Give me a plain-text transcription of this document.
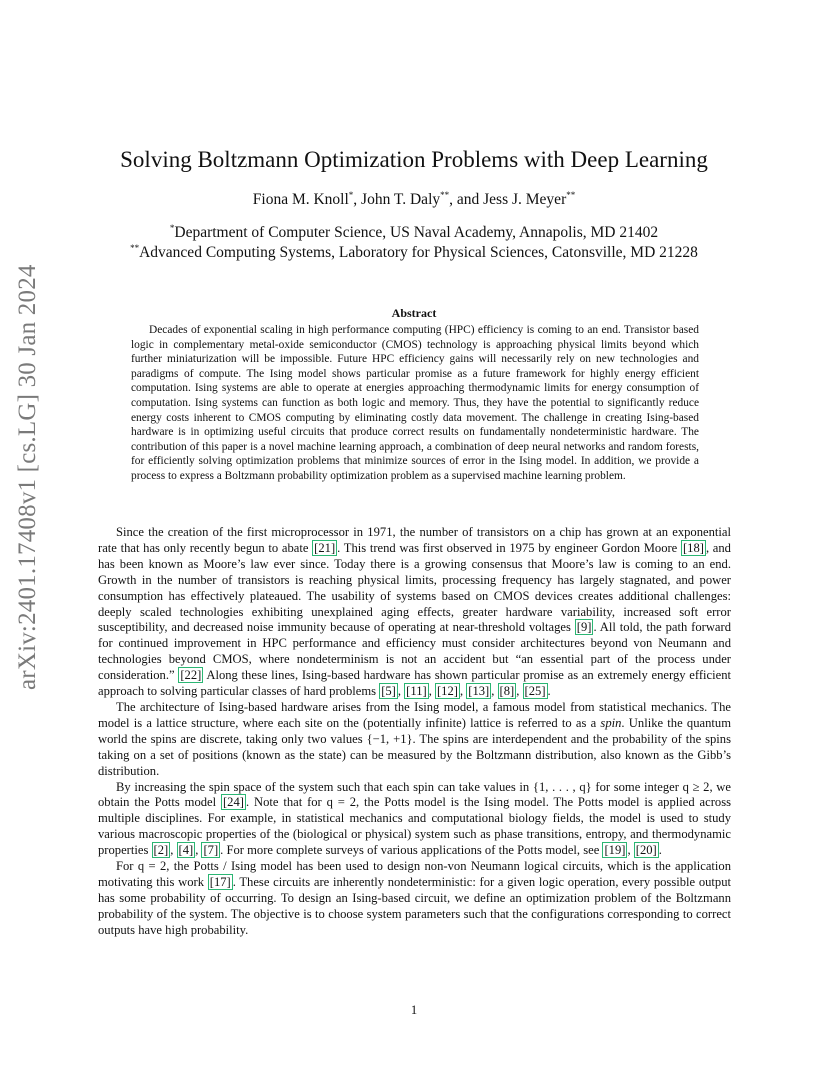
arXiv:2401.17408v1 [cs.LG] 30 Jan 2024
Solving Boltzmann Optimization Problems with Deep Learning
Fiona M. Knoll*, John T. Daly**, and Jess J. Meyer**
*Department of Computer Science, US Naval Academy, Annapolis, MD 21402
**Advanced Computing Systems, Laboratory for Physical Sciences, Catonsville, MD 21228
Abstract

Decades of exponential scaling in high performance computing (HPC) efficiency is coming to an end. Transistor based logic in complementary metal-oxide semiconductor (CMOS) technology is approaching physical limits beyond which further miniaturization will be impossible. Future HPC efficiency gains will necessarily rely on new technologies and paradigms of compute. The Ising model shows particular promise as a future framework for highly energy efficient computation. Ising systems are able to operate at energies approaching thermodynamic limits for energy consumption of computation. Ising systems can function as both logic and memory. Thus, they have the potential to significantly reduce energy costs inherent to CMOS computing by eliminating costly data movement. The challenge in creating Ising-based hardware is in optimizing useful circuits that produce correct results on fundamentally nondeterministic hardware. The contribution of this paper is a novel machine learning approach, a combination of deep neural networks and random forests, for efficiently solving optimization problems that minimize sources of error in the Ising model. In addition, we provide a process to express a Boltzmann probability optimization problem as a supervised machine learning problem.

Since the creation of the first microprocessor in 1971, the number of transistors on a chip has grown at an exponential rate that has only recently begun to abate [21] . This trend was first observed in 1975 by engineer Gordon Moore [18] , and has been known as Moore’s law ever since. Today there is a growing consensus that Moore’s law is coming to an end. Growth in the number of transistors is reaching physical limits, processing frequency has largely stagnated, and power consumption has effectively plateaued. The usability of systems based on CMOS devices creates additional challenges: deeply scaled technologies exhibiting unexplained aging effects, greater hardware variability, increased soft error susceptibility, and decreased noise immunity because of operating at near-threshold voltages [9] . All told, the path forward for continued improvement in HPC performance and efficiency must consider architectures beyond von Neumann and technologies beyond CMOS, where nondeterminism is not an accident but “an essential part of the process under consideration.” [22] Along these lines, Ising-based hardware has shown particular promise as an extremely energy efficient approach to solving particular classes of hard problems [5] , [11] , [12] , [13] , [8] , [25] .

The architecture of Ising-based hardware arises from the Ising model, a famous model from statistical mechanics. The model is a lattice structure, where each site on the (potentially infinite) lattice is referred to as a spin. Unlike the quantum world the spins are discrete, taking only two values {−1, +1}. The spins are interdependent and the probability of the spins taking on a set of positions (known as the state) can be measured by the Boltzmann distribution, also known as the Gibb’s distribution.

By increasing the spin space of the system such that each spin can take values in {1, . . . , q} for some integer q ≥ 2, we obtain the Potts model [24] . Note that for q = 2, the Potts model is the Ising model. The Potts model is applied across multiple disciplines. For example, in statistical mechanics and computational biology fields, the model is used to study various macroscopic properties of the (biological or physical) system such as phase transitions, entropy, and thermodynamic properties [2] , [4] , [7] . For more complete surveys of various applications of the Potts model, see [19] , [20] .

For q = 2, the Potts / Ising model has been used to design non-von Neumann logical circuits, which is the application motivating this work [17] . These circuits are inherently nondeterministic: for a given logic operation, every possible output has some probability of occurring. To design an Ising-based circuit, we define an optimization problem of the Boltzmann probability of the system. The objective is to choose system parameters such that the configurations corresponding to correct outputs have high probability.

1
